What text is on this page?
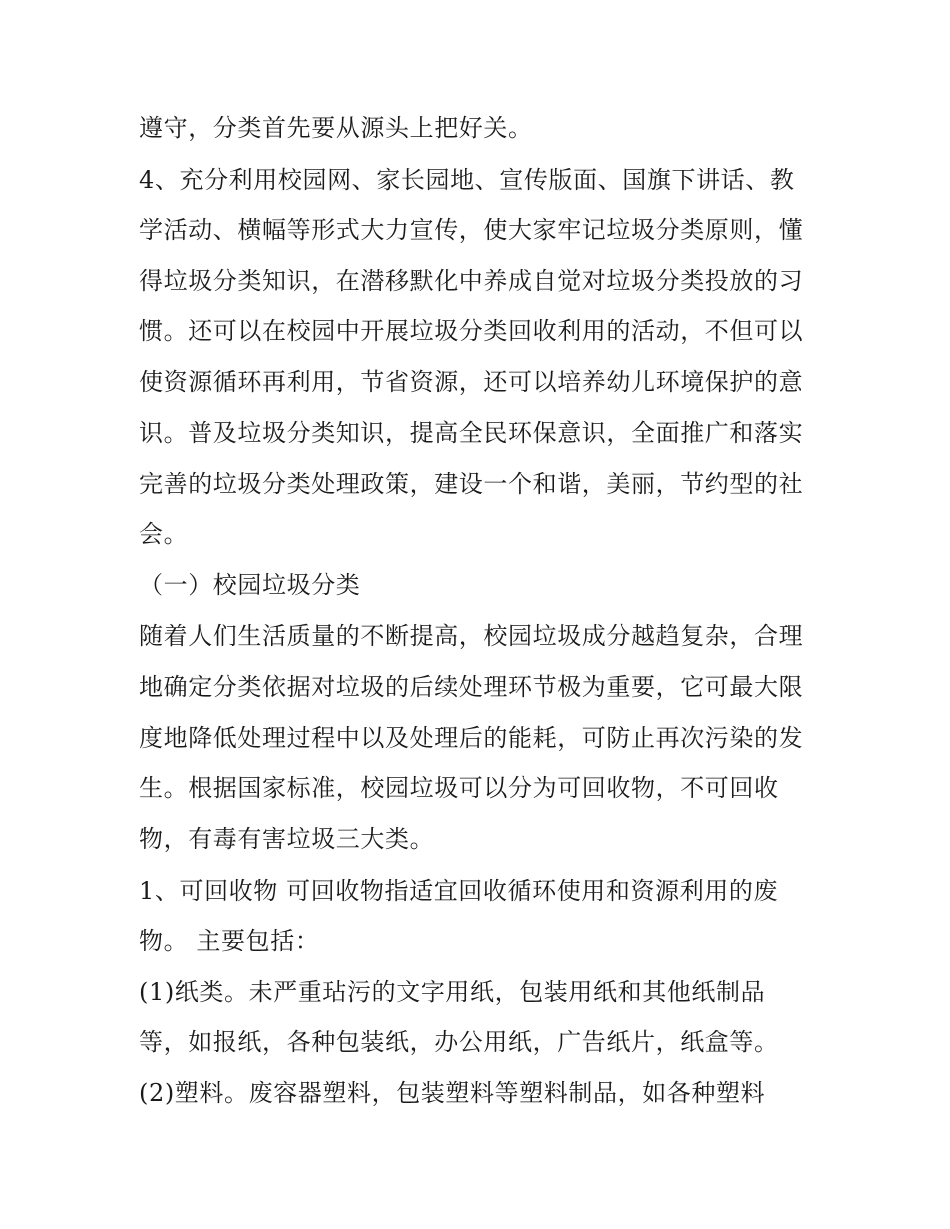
遵守，分类首先要从源头上把好关。
4、充分利用校园网、家长园地、宣传版面、国旗下讲话、教
学活动、横幅等形式大力宣传，使大家牢记垃圾分类原则，懂
得垃圾分类知识，在潜移默化中养成自觉对垃圾分类投放的习
惯。还可以在校园中开展垃圾分类回收利用的活动，不但可以
使资源循环再利用，节省资源，还可以培养幼儿环境保护的意
识。普及垃圾分类知识，提高全民环保意识，全面推广和落实
完善的垃圾分类处理政策，建设一个和谐，美丽，节约型的社
会。
（一）校园垃圾分类
随着人们生活质量的不断提高，校园垃圾成分越趋复杂，合理
地确定分类依据对垃圾的后续处理环节极为重要，它可最大限
度地降低处理过程中以及处理后的能耗，可防止再次污染的发
生。根据国家标准，校园垃圾可以分为可回收物，不可回收
物，有毒有害垃圾三大类。
1、可回收物 可回收物指适宜回收循环使用和资源利用的废
物。 主要包括：
(1)纸类。未严重玷污的文字用纸，包装用纸和其他纸制品
等，如报纸，各种包装纸，办公用纸，广告纸片，纸盒等。
(2)塑料。废容器塑料，包装塑料等塑料制品，如各种塑料
